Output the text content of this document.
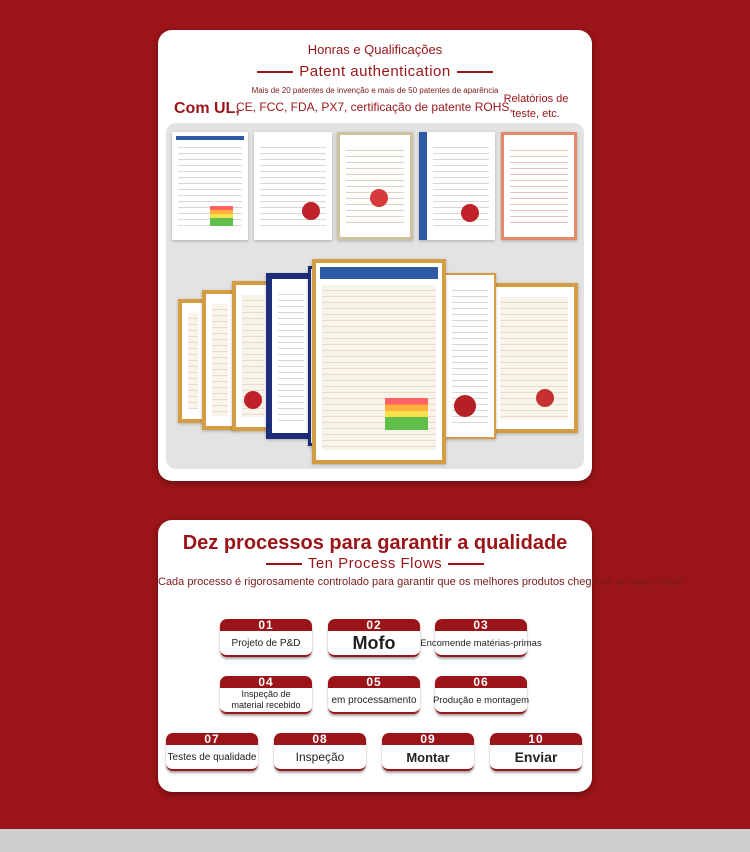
Honras e Qualificações
Patent authentication
Mais de 20 patentes de invenção e mais de 50 patentes de aparência
Com UL,
CE, FCC, FDA, PX7, certificação de patente ROHS,
Relatórios de
teste, etc.
Dez processos para garantir a qualidade
Ten Process Flows
Cada processo é rigorosamente controlado para garantir que os melhores produtos cheguem às suas mãos
01
Projeto de P&D
02
Mofo
03
Encomende matérias-primas
04
Inspeção de material recebido
05
em processamento
06
Produção e montagem
07
Testes de qualidade
08
Inspeção
09
Montar
10
Enviar
